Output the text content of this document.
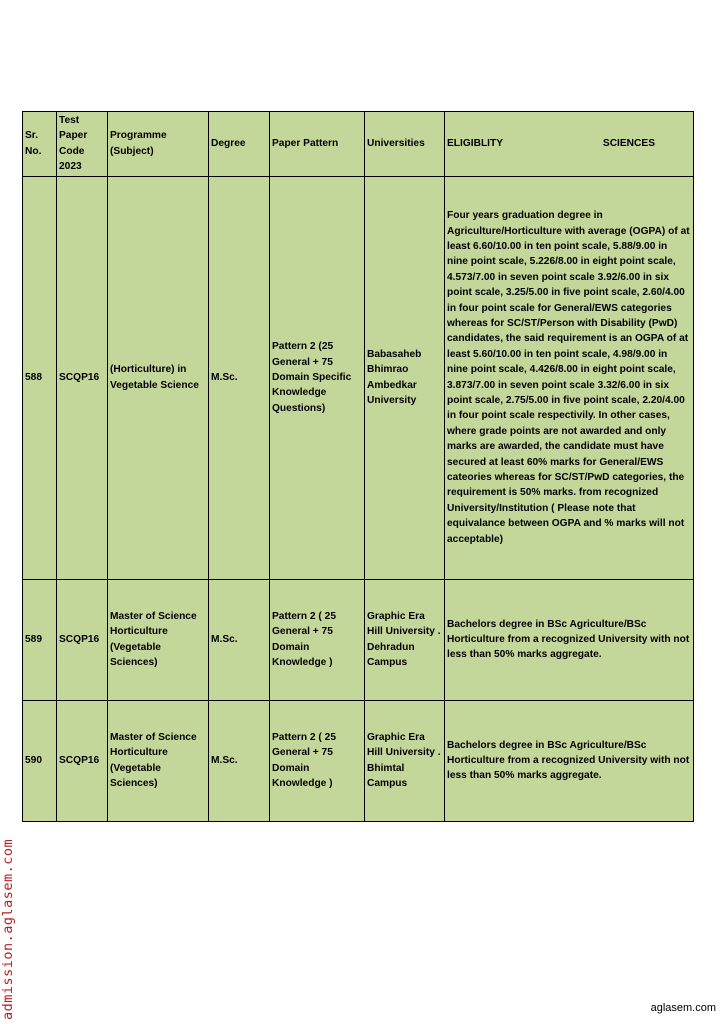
Sr. No.	Test Paper Code 2023	Programme (Subject)	Degree	Paper Pattern	Universities	ELIGIBLITY SCIENCES

588	SCQP16	(Horticulture) in Vegetable Science	M.Sc.	Pattern 2 (25 General + 75 Domain Specific Knowledge Questions)	Babasaheb Bhimrao Ambedkar University	Four years graduation degree in Agriculture/Horticulture with average (OGPA) of at least 6.60/10.00 in ten point scale, 5.88/9.00 in nine point scale, 5.226/8.00 in eight point scale, 4.573/7.00 in seven point scale 3.92/6.00 in six point scale, 3.25/5.00 in five point scale, 2.60/4.00 in four point scale for General/EWS categories whereas for SC/ST/Person with Disability (PwD) candidates, the said requirement is an OGPA of at least 5.60/10.00 in ten point scale, 4.98/9.00 in nine point scale, 4.426/8.00 in eight point scale, 3.873/7.00 in seven point scale 3.32/6.00 in six point scale, 2.75/5.00 in five point scale, 2.20/4.00 in four point scale respectivily. In other cases, where grade points are not awarded and only marks are awarded, the candidate must have secured at least 60% marks for General/EWS cateories whereas for SC/ST/PwD categories, the requirement is 50% marks. from recognized University/Institution ( Please note that equivalance between OGPA and % marks will not acceptable)
589	SCQP16	Master of Science Horticulture (Vegetable Sciences)	M.Sc.	Pattern 2 ( 25 General + 75 Domain Knowledge )	Graphic Era Hill University . Dehradun Campus	Bachelors degree in BSc Agriculture/BSc Horticulture from a recognized University with not less than 50% marks aggregate.
590	SCQP16	Master of Science Horticulture (Vegetable Sciences)	M.Sc.	Pattern 2 ( 25 General + 75 Domain Knowledge )	Graphic Era Hill University . Bhimtal Campus	Bachelors degree in BSc Agriculture/BSc Horticulture from a recognized University with not less than 50% marks aggregate.
admission.aglasem.com	aglasem.com
